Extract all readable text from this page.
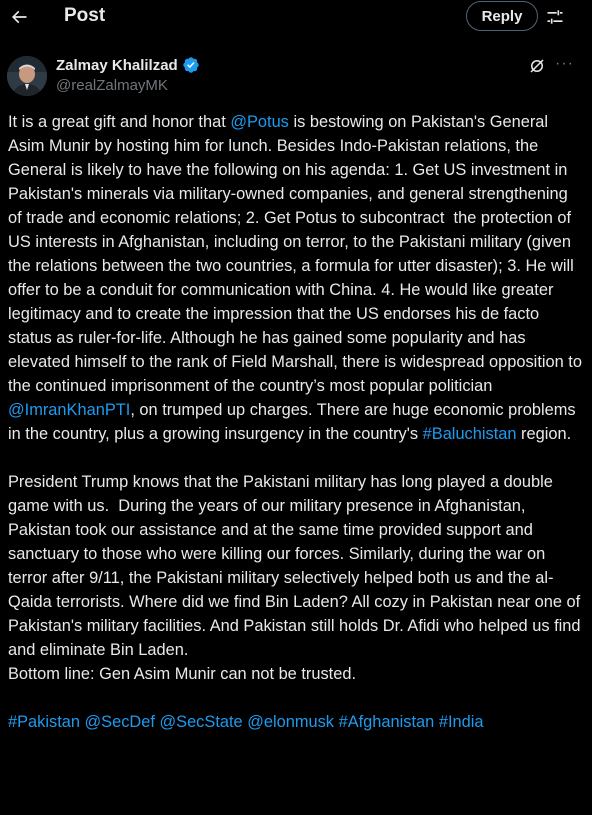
Post	Reply
Zalmay Khalilzad
@realZalmayMK
···
It is a great gift and honor that @Potus is bestowing on Pakistan's General Asim Munir by hosting him for lunch. Besides Indo-Pakistan relations, the General is likely to have the following on his agenda: 1. Get US investment in Pakistan's minerals via military-owned companies, and general strengthening of trade and economic relations; 2. Get Potus to subcontract  the protection of US interests in Afghanistan, including on terror, to the Pakistani military (given the relations between the two countries, a formula for utter disaster); 3. He will offer to be a conduit for communication with China. 4. He would like greater legitimacy and to create the impression that the US endorses his de facto status as ruler-for-life. Although he has gained some popularity and has elevated himself to the rank of Field Marshall, there is widespread opposition to the continued imprisonment of the country’s most popular politician @ImranKhanPTI, on trumped up charges. There are huge economic problems in the country, plus a growing insurgency in the country's #Baluchistan region.

President Trump knows that the Pakistani military has long played a double game with us.  During the years of our military presence in Afghanistan, Pakistan took our assistance and at the same time provided support and sanctuary to those who were killing our forces. Similarly, during the war on terror after 9/11, the Pakistani military selectively helped both us and the al-Qaida terrorists. Where did we find Bin Laden? All cozy in Pakistan near one of Pakistan's military facilities. And Pakistan still holds Dr. Afidi who helped us find and eliminate Bin Laden.
Bottom line: Gen Asim Munir can not be trusted.

#Pakistan @SecDef @SecState @elonmusk #Afghanistan #India
